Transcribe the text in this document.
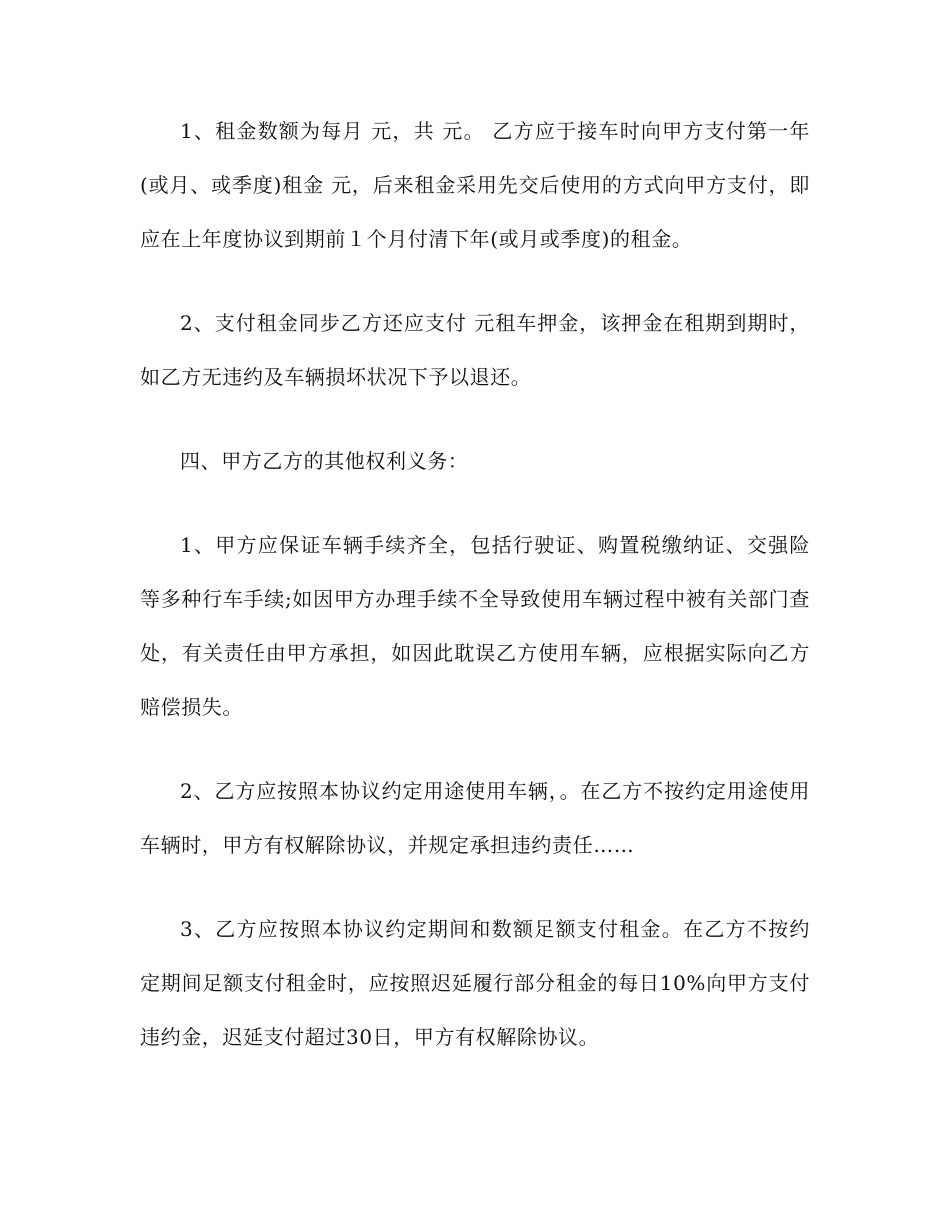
1、租金数额为每月 元，共 元。 乙方应于接车时向甲方支付第一年(或月、或季度)租金 元，后来租金采用先交后使用的方式向甲方支付，即应在上年度协议到期前１个月付清下年(或月或季度)的租金。

2、支付租金同步乙方还应支付 元租车押金，该押金在租期到期时，如乙方无违约及车辆损坏状况下予以退还。

四、甲方乙方的其他权利义务：

1、甲方应保证车辆手续齐全，包括行驶证、购置税缴纳证、交强险等多种行车手续;如因甲方办理手续不全导致使用车辆过程中被有关部门查处，有关责任由甲方承担，如因此耽误乙方使用车辆，应根据实际向乙方赔偿损失。

2、乙方应按照本协议约定用途使用车辆，。在乙方不按约定用途使用车辆时，甲方有权解除协议，并规定承担违约责任……

3、乙方应按照本协议约定期间和数额足额支付租金。在乙方不按约定期间足额支付租金时，应按照迟延履行部分租金的每日10%向甲方支付违约金，迟延支付超过30日，甲方有权解除协议。
